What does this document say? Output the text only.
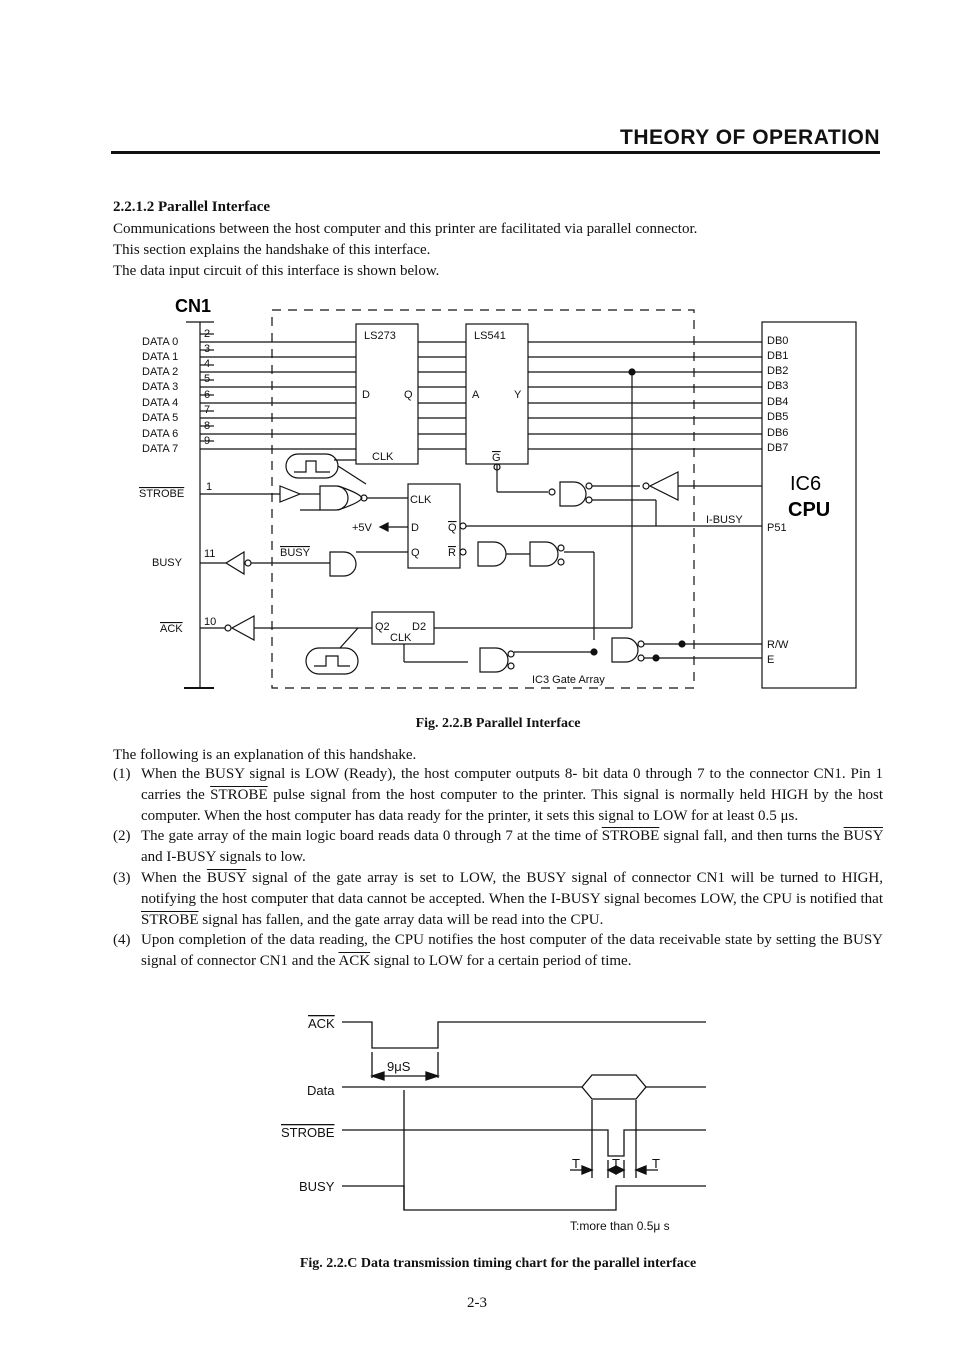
THEORY OF OPERATION
2.2.1.2 Parallel Interface
Communications between the host computer and this printer are facilitated via parallel connector.
This section explains the handshake of this interface.
The data input circuit of this interface is shown below.
CN1
DATA 0
DATA 1
DATA 2
DATA 3
DATA 4
DATA 5
DATA 6
DATA 7
2
3
4
5
6
7
8
9
STROBE
1
BUSY
11
ACK
10
LS273	LS541
D	Q	A	Y
CLK	G
+5V
CLK
D	Q
Q	R
BUSY
Q2 D2
CLK
I-BUSY
DB0
DB1
DB2
DB3
DB4
DB5
DB6
DB7
P51
R/W
E
IC3 Gate Array
IC6
CPU
Fig. 2.2.B Parallel Interface
The following is an explanation of this handshake.
(1) When the BUSY signal is LOW (Ready), the host computer outputs 8- bit data 0 through 7 to the connector CN1. Pin 1 carries the STROBE pulse signal from the host computer to the printer. This signal is normally held HIGH by the host computer. When the host computer has data ready for the printer, it sets this signal to LOW for at least 0.5 μs.
(2) The gate array of the main logic board reads data 0 through 7 at the time of STROBE signal fall, and then turns the BUSY and I-BUSY signals to low.
(3) When the BUSY signal of the gate array is set to LOW, the BUSY signal of connector CN1 will be turned to HIGH, notifying the host computer that data cannot be accepted. When the I-BUSY signal becomes LOW, the CPU is notified that STROBE signal has fallen, and the gate array data will be read into the CPU.
(4) Upon completion of the data reading, the CPU notifies the host computer of the data receivable state by setting the BUSY signal of connector CN1 and the $\overline{ACK}$ signal to LOW for a certain period of time.
ACK
9μS
Data
STROBE
BUSY
T T T
T:more than 0.5μ s
Fig. 2.2.C Data transmission timing chart for the parallel interface
2-3
